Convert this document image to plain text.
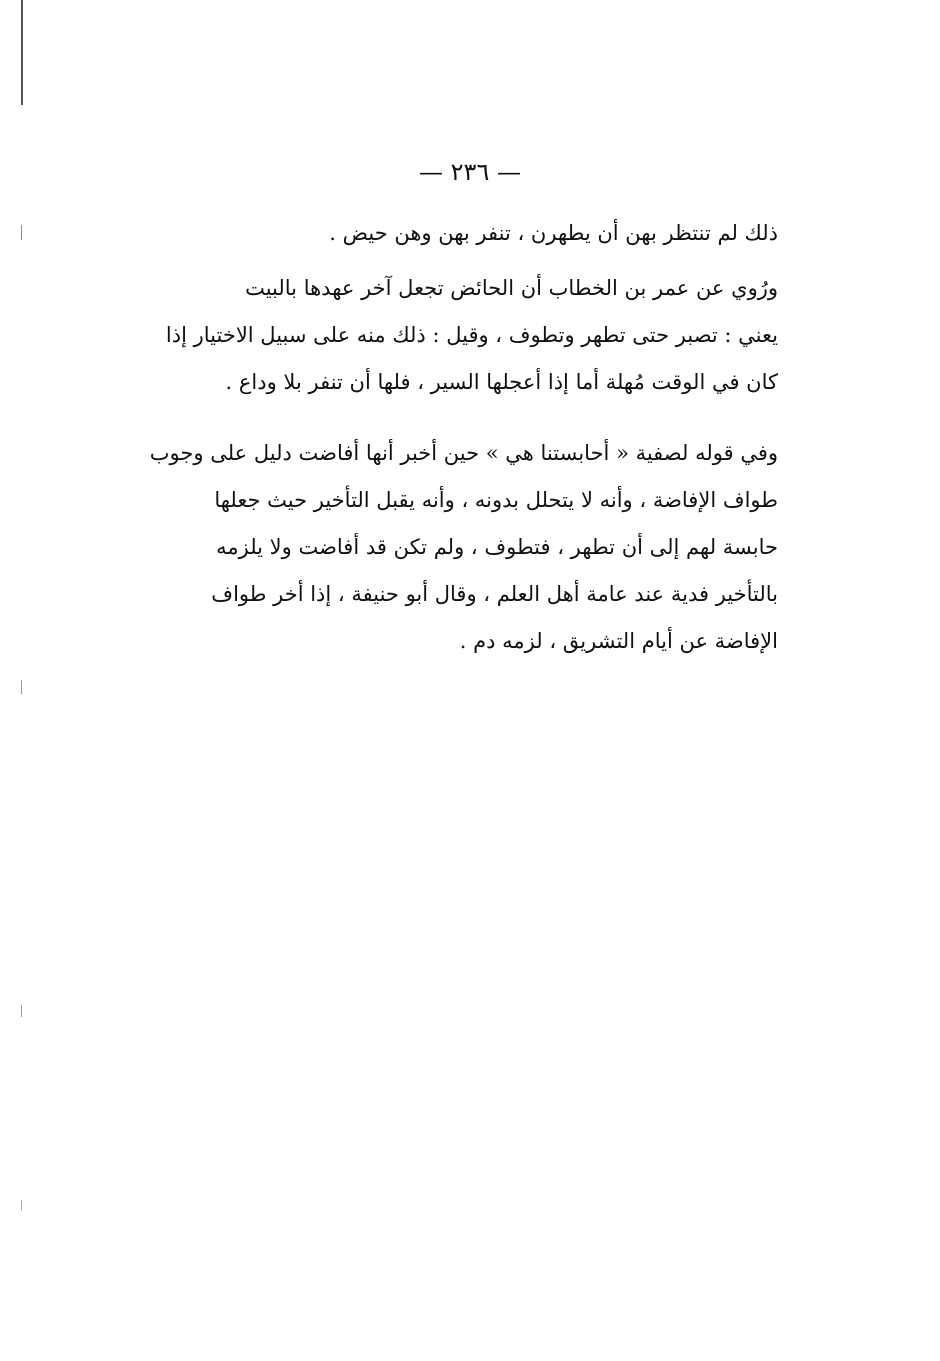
— ٢٣٦ —
ذلك لم تنتظر بهن أن يطهرن ، تنفر بهن وهن حيض .
ورُوي عن عمر بن الخطاب أن الحائض تجعل آخر عهدها بالبيت
يعني : تصبر حتى تطهر وتطوف ، وقيل : ذلك منه على سبيل الاختيار إذا
كان في الوقت مُهلة أما إذا أعجلها السير ، فلها أن تنفر بلا وداع .
وفي قوله لصفية « أحابستنا هي » حين أخبر أنها أفاضت دليل على وجوب
طواف الإفاضة ، وأنه لا يتحلل بدونه ، وأنه يقبل التأخير حيث جعلها
حابسة لهم إلى أن تطهر ، فتطوف ، ولم تكن قد أفاضت ولا يلزمه
بالتأخير فدية عند عامة أهل العلم ، وقال أبو حنيفة ، إذا أخر طواف
الإفاضة عن أيام التشريق ، لزمه دم .
